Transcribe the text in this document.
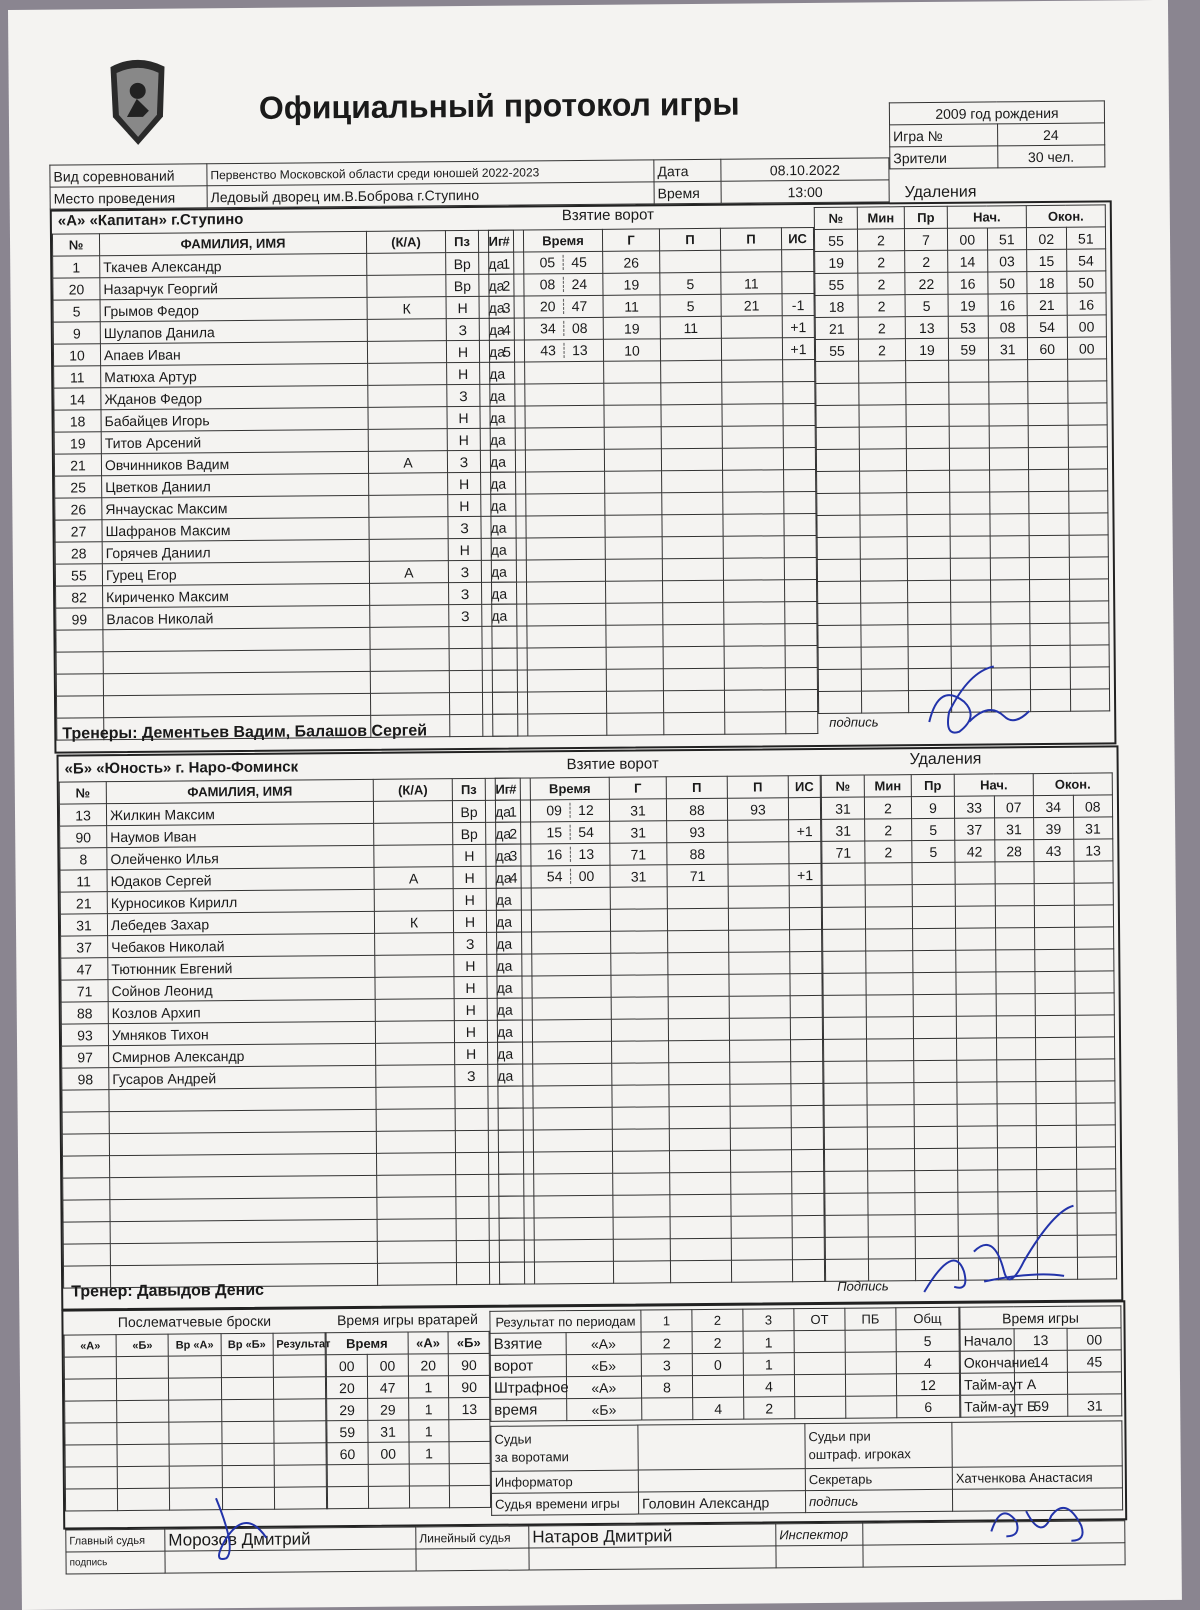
Официальный протокол игры	2009 год рождения	
Игра №	24
Зрители	30 чел.
Вид соревнований	Первенство Московской области среди юношей 2022-2023	Дата	08.10.2022
Место проведения	Ледовый дворец им.В.Боброва г.Ступино	Время	13:00
«А» «Капитан» г.Ступино	Взятие ворот
Удаления
№	ФАМИЛИЯ, ИМЯ	(К/А)	Пз	Иг
1	Ткачев Александр		Вр	да
20	Назарчук Георгий		Вр	да
5	Грымов Федор	К	Н	да
9	Шулапов Данила		З	да
10	Апаев Иван		Н	да
11	Матюха Артур		Н	да
14	Жданов Федор		З	да
18	Бабайцев Игорь		Н	да
19	Титов Арсений		Н	да
21	Овчинников Вадим	А	З	да
25	Цветков Даниил		Н	да
26	Янчаускас Максим		Н	да
27	Шафранов Максим		З	да
28	Горячев Даниил		Н	да
55	Гурец Егор	А	З	да
82	Кириченко Максим		З	да
99	Власов Николай		З	да

#	Время	Г	П	П	ИС
1	05 ┊ 45	26			
2	08 ┊ 24	19	5	11	
3	20 ┊ 47	11	5	21	-1
4	34 ┊ 08	19	11		+1
5	43 ┊ 13	10			+1

№	Мин	Пр	Нач.		Окон.	
55	2	7	00	51	02	51
19	2	2	14	03	15	54
55	2	22	16	50	18	50
18	2	5	19	16	21	16
21	2	13	53	08	54	00
55	2	19	59	31	60	00

Тренеры: Дементьев Вадим, Балашов Сергей
подпись
«Б» «Юность» г. Наро-Фоминск	Взятие ворот	Удаления
№	ФАМИЛИЯ, ИМЯ	(К/А)	Пз	Иг
13	Жилкин Максим		Вр	да
90	Наумов Иван		Вр	да
8	Олейченко Илья		Н	да
11	Юдаков Сергей	А	Н	да
21	Курносиков Кирилл		Н	да
31	Лебедев Захар	К	Н	да
37	Чебаков Николай		З	да
47	Тютюнник Евгений		Н	да
71	Сойнов Леонид		Н	да
88	Козлов Архип		Н	да
93	Умняков Тихон		Н	да
97	Смирнов Александр		Н	да
98	Гусаров Андрей		З	да

#	Время	Г	П	П	ИС
1	09 ┊ 12	31	88	93	
2	15 ┊ 54	31	93		+1
3	16 ┊ 13	71	88		
4	54 ┊ 00	31	71		+1

№	Мин	Пр	Нач.		Окон.	
31	2	9	33	07	34	08
31	2	5	37	31	39	31
71	2	5	42	28	43	13

Тренер: Давыдов Денис	Подпись
Послематчевые броски
«А»	«Б»	Вр «А»	Вр «Б»	Результат

Время игры вратарей
Время		«А»	«Б»
00	00	20	90
20	47	1	90
29	29	1	13
59	31	1	
60	00	1	

Результат по периодам		1	2	3	ОТ	ПБ	Общ
Взятие	«А»	2	2	1			5
ворот	«Б»	3	0	1			4
Штрафное	«А»	8		4			12
время	«Б»		4	2			6
Время игры		
Начало	13	00
Окончание	14	45
Тайм-аут А		
Тайм-аут Б	59	31
Судьи
за воротами		Судьи при
оштраф. игроках	
Информатор		Секретарь	Хатченкова Анастасия
Судья времени игры	Головин Александр	подпись	
Главный судья	Морозов Дмитрий	Линейный судья	Натаров Дмитрий	Инспектор	
подпись					
